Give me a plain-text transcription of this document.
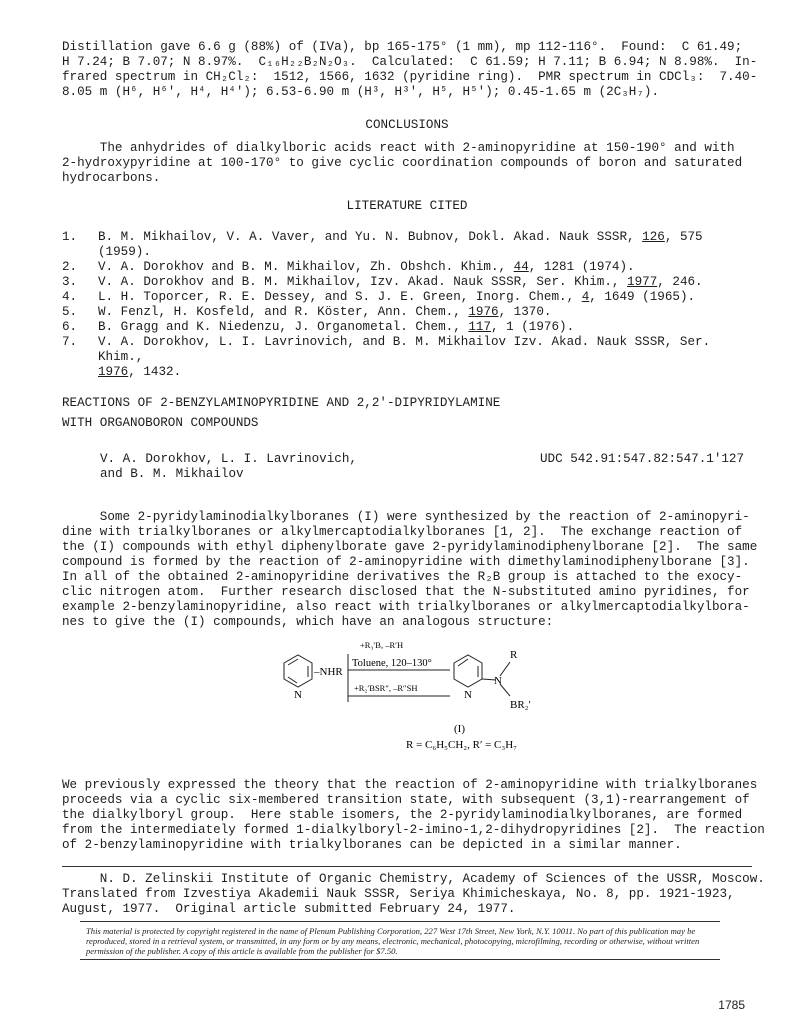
Distillation gave 6.6 g (88%) of (IVa), bp 165-175° (1 mm), mp 112-116°.  Found:  C 61.49;
H 7.24; B 7.07; N 8.97%.  C₁₆H₂₂B₂N₂O₃.  Calculated:  C 61.59; H 7.11; B 6.94; N 8.98%.  In-
frared spectrum in CH₂Cl₂:  1512, 1566, 1632 (pyridine ring).  PMR spectrum in CDCl₃:  7.40-
8.05 m (H⁶, H⁶′, H⁴, H⁴′); 6.53-6.90 m (H³, H³′, H⁵, H⁵′); 0.45-1.65 m (2C₃H₇).
CONCLUSIONS
The anhydrides of dialkylboric acids react with 2-aminopyridine at 150-190° and with
2-hydroxypyridine at 100-170° to give cyclic coordination compounds of boron and saturated
hydrocarbons.
LITERATURE CITED
1.	B. M. Mikhailov, V. A. Vaver, and Yu. N. Bubnov, Dokl. Akad. Nauk SSSR, 126, 575 (1959).
2.	V. A. Dorokhov and B. M. Mikhailov, Zh. Obshch. Khim., 44, 1281 (1974).
3.	V. A. Dorokhov and B. M. Mikhailov, Izv. Akad. Nauk SSSR, Ser. Khim., 1977, 246.
4.	L. H. Toporcer, R. E. Dessey, and S. J. E. Green, Inorg. Chem., 4, 1649 (1965).
5.	W. Fenzl, H. Kosfeld, and R. Köster, Ann. Chem., 1976, 1370.
6.	B. Gragg and K. Niedenzu, J. Organometal. Chem., 117, 1 (1976).
7.	V. A. Dorokhov, L. I. Lavrinovich, and B. M. Mikhailov Izv. Akad. Nauk SSSR, Ser. Khim.,
1976, 1432.
REACTIONS OF 2-BENZYLAMINOPYRIDINE AND 2,2'-DIPYRIDYLAMINE
WITH ORGANOBORON COMPOUNDS
V. A. Dorokhov, L. I. Lavrinovich,
and B. M. Mikhailov
UDC 542.91:547.82:547.1'127
Some 2-pyridylaminodialkylboranes (I) were synthesized by the reaction of 2-aminopyri-
dine with trialkylboranes or alkylmercaptodialkylboranes [1, 2].  The exchange reaction of
the (I) compounds with ethyl diphenylborate gave 2-pyridylaminodiphenylborane [2].  The same
compound is formed by the reaction of 2-aminopyridine with dimethylaminodiphenylborane [3].
In all of the obtained 2-aminopyridine derivatives the R₂B group is attached to the exocy-
clic nitrogen atom.  Further research disclosed that the N-substituted amino pyridines, for
example 2-benzylaminopyridine, also react with trialkylboranes or alkylmercaptodialkylbora-
nes to give the (I) compounds, which have an analogous structure:
N
–NHR
+R₃′B, –R′H
Toluene, 120–130°
+R₂′BSR″, –R″SH
N
N
R
BR₂′
(I)
R = C₆H₅CH₂, R′ = C₃H₇
We previously expressed the theory that the reaction of 2-aminopyridine with trialkylboranes
proceeds via a cyclic six-membered transition state, with subsequent (3,1)-rearrangement of
the dialkylboryl group.  Here stable isomers, the 2-pyridylaminodialkylboranes, are formed
from the intermediately formed 1-dialkylboryl-2-imino-1,2-dihydropyridines [2].  The reaction
of 2-benzylaminopyridine with trialkylboranes can be depicted in a similar manner.
N. D. Zelinskii Institute of Organic Chemistry, Academy of Sciences of the USSR, Moscow.
Translated from Izvestiya Akademii Nauk SSSR, Seriya Khimicheskaya, No. 8, pp. 1921-1923,
August, 1977.  Original article submitted February 24, 1977.
This material is protected by copyright registered in the name of Plenum Publishing Corporation, 227 West 17th Street, New York, N.Y. 10011. No part of this publication may be reproduced, stored in a retrieval system, or transmitted, in any form or by any means, electronic, mechanical, photocopying, microfilming, recording or otherwise, without written permission of the publisher. A copy of this article is available from the publisher for $7.50.
1785
